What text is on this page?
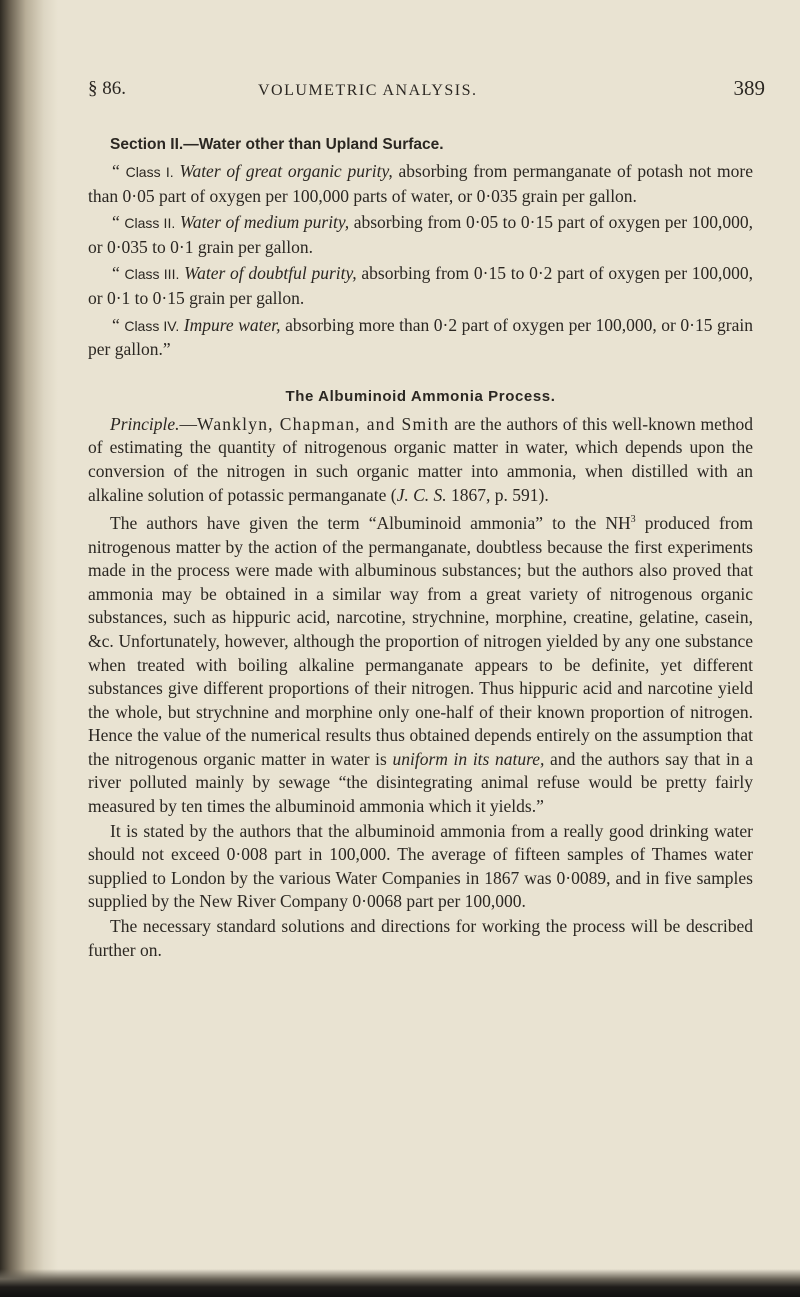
§ 86.	VOLUMETRIC ANALYSIS.	389
Section II.—Water other than Upland Surface.

“ Class I. Water of great organic purity, absorbing from permanganate of potash not more than 0·05 part of oxygen per 100,000 parts of water, or 0·035 grain per gallon.

“ Class II. Water of medium purity, absorbing from 0·05 to 0·15 part of oxygen per 100,000, or 0·035 to 0·1 grain per gallon.

“ Class III. Water of doubtful purity, absorbing from 0·15 to 0·2 part of oxygen per 100,000, or 0·1 to 0·15 grain per gallon.

“ Class IV. Impure water, absorbing more than 0·2 part of oxygen per 100,000, or 0·15 grain per gallon.”

The Albuminoid Ammonia Process.

Principle.—Wanklyn, Chapman, and Smith are the authors of this well-known method of estimating the quantity of nitrogenous organic matter in water, which depends upon the conversion of the nitrogen in such organic matter into ammonia, when distilled with an alkaline solution of potassic permanganate (J. C. S. 1867, p. 591).

The authors have given the term “Albuminoid ammonia” to the $NH^3$ produced from nitrogenous matter by the action of the permanganate, doubtless because the first experiments made in the process were made with albuminous substances; but the authors also proved that ammonia may be obtained in a similar way from a great variety of nitrogenous organic substances, such as hippuric acid, narcotine, strychnine, morphine, creatine, gelatine, casein, &c. Unfortunately, however, although the proportion of nitrogen yielded by any one substance when treated with boiling alkaline permanganate appears to be definite, yet different substances give different proportions of their nitrogen. Thus hippuric acid and narcotine yield the whole, but strychnine and morphine only one-half of their known proportion of nitrogen. Hence the value of the numerical results thus obtained depends entirely on the assumption that the nitrogenous organic matter in water is uniform in its nature, and the authors say that in a river polluted mainly by sewage “the disintegrating animal refuse would be pretty fairly measured by ten times the albuminoid ammonia which it yields.”

It is stated by the authors that the albuminoid ammonia from a really good drinking water should not exceed 0·008 part in 100,000. The average of fifteen samples of Thames water supplied to London by the various Water Companies in 1867 was 0·0089, and in five samples supplied by the New River Company 0·0068 part per 100,000.

The necessary standard solutions and directions for working the process will be described further on.
